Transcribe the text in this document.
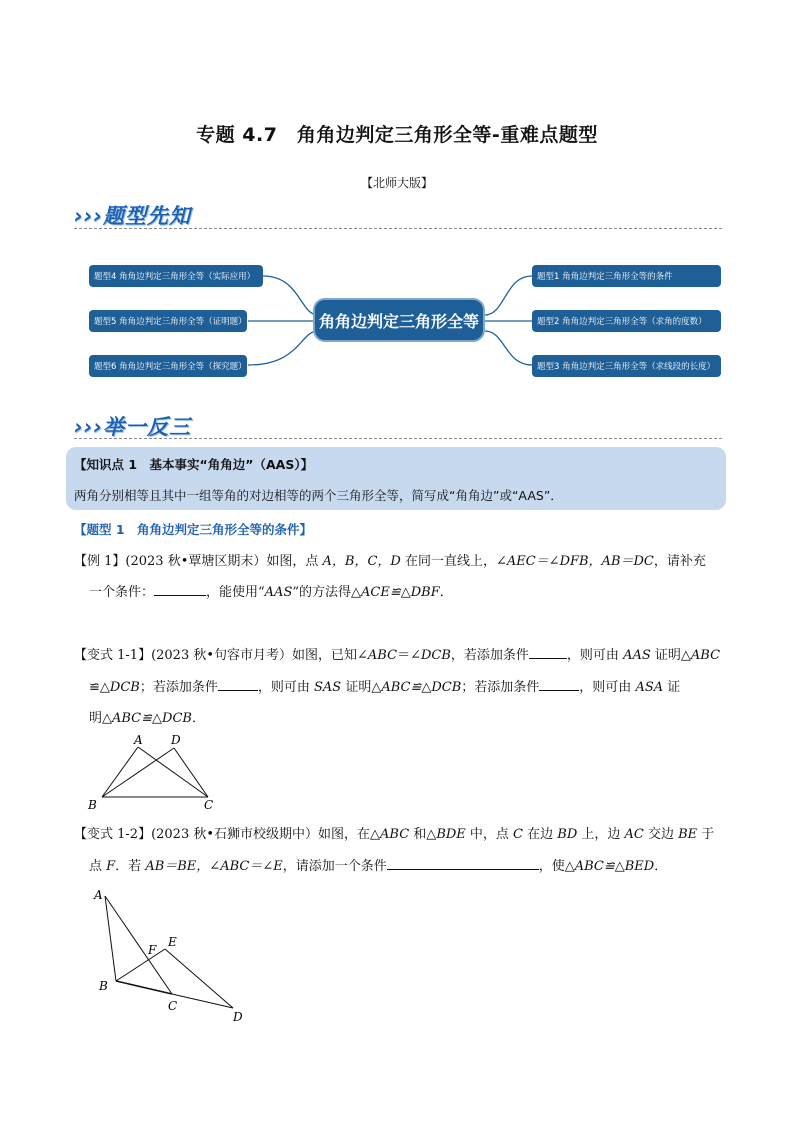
专题 4.7　角角边判定三角形全等-重难点题型
【北师大版】
›››题型先知
题型4 角角边判定三角形全等（实际应用）
题型5 角角边判定三角形全等（证明题）
题型6 角角边判定三角形全等（探究题）
角角边判定三角形全等
题型1 角角边判定三角形全等的条件
题型2 角角边判定三角形全等（求角的度数）
题型3 角角边判定三角形全等（求线段的长度）
›››举一反三
【知识点 1　基本事实“角角边”（AAS）】
两角分别相等且其中一组等角的对边相等的两个三角形全等，简写成“角角边”或“AAS”．
【题型 1　角角边判定三角形全等的条件】
【例 1】(2023 秋•覃塘区期末）如图，点 A，B，C，D 在同一直线上，∠AEC＝∠DFB，AB＝DC，请补充
一个条件：	，能使用“AAS”的方法得△ACE≌△DBF．
【变式 1-1】(2023 秋•句容市月考）如图，已知∠ABC＝∠DCB，若添加条件	，则可由 AAS 证明△ABC
≌△DCB；若添加条件	，则可由 SAS 证明△ABC≌△DCB；若添加条件	，则可由 ASA 证
明△ABC≌△DCB．
A D
B	C
【变式 1-2】(2023 秋•石狮市校级期中）如图，在△ABC 和△BDE 中，点 C 在边 BD 上，边 AC 交边 BE 于
点 F．若 AB＝BE，∠ABC＝∠E，请添加一个条件	，使△ABC≌△BED．
A
E
F
B
C
D
